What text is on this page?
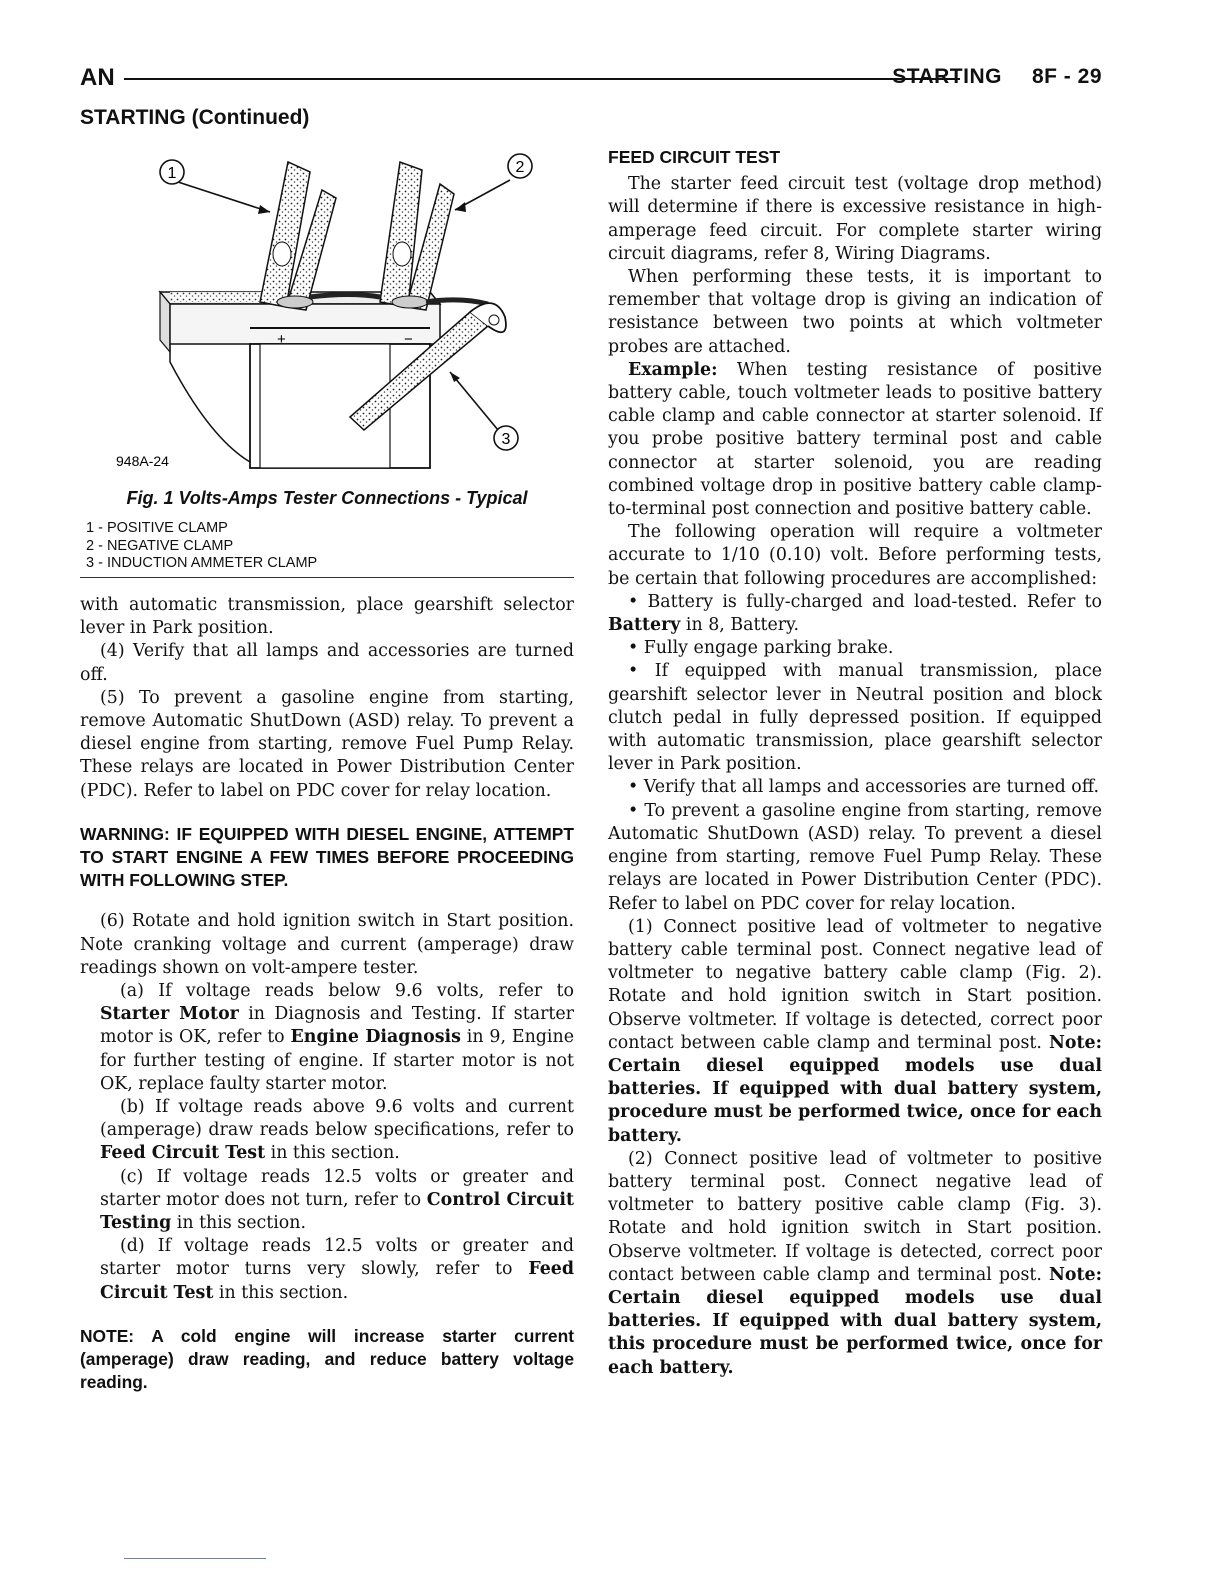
AN	STARTING 8F - 29
STARTING (Continued)
+	−
1	2
3
948A-24
Fig. 1 Volts-Amps Tester Connections - Typical
1 - POSITIVE CLAMP
2 - NEGATIVE CLAMP
3 - INDUCTION AMMETER CLAMP

with automatic transmission, place gearshift selector lever in Park position.

(4) Verify that all lamps and accessories are turned off.

(5) To prevent a gasoline engine from starting, remove Automatic ShutDown (ASD) relay. To prevent a diesel engine from starting, remove Fuel Pump Relay. These relays are located in Power Distribution Center (PDC). Refer to label on PDC cover for relay location.

WARNING: IF EQUIPPED WITH DIESEL ENGINE, ATTEMPT TO START ENGINE A FEW TIMES BEFORE PROCEEDING WITH FOLLOWING STEP.

(6) Rotate and hold ignition switch in Start position. Note cranking voltage and current (amperage) draw readings shown on volt-ampere tester.

(a) If voltage reads below 9.6 volts, refer to Starter Motor in Diagnosis and Testing. If starter motor is OK, refer to Engine Diagnosis in 9, Engine for further testing of engine. If starter motor is not OK, replace faulty starter motor.

(b) If voltage reads above 9.6 volts and current (amperage) draw reads below specifications, refer to Feed Circuit Test in this section.

(c) If voltage reads 12.5 volts or greater and starter motor does not turn, refer to Control Circuit Testing in this section.

(d) If voltage reads 12.5 volts or greater and starter motor turns very slowly, refer to Feed Circuit Test in this section.

NOTE: A cold engine will increase starter current (amperage) draw reading, and reduce battery voltage reading.

FEED CIRCUIT TEST

The starter feed circuit test (voltage drop method) will determine if there is excessive resistance in high-amperage feed circuit. For complete starter wiring circuit diagrams, refer 8, Wiring Diagrams.

When performing these tests, it is important to remember that voltage drop is giving an indication of resistance between two points at which voltmeter probes are attached.

Example: When testing resistance of positive battery cable, touch voltmeter leads to positive battery cable clamp and cable connector at starter solenoid. If you probe positive battery terminal post and cable connector at starter solenoid, you are reading combined voltage drop in positive battery cable clamp-to-terminal post connection and positive battery cable.

The following operation will require a voltmeter accurate to 1/10 (0.10) volt. Before performing tests, be certain that following procedures are accomplished:

• Battery is fully-charged and load-tested. Refer to Battery in 8, Battery.

• Fully engage parking brake.

• If equipped with manual transmission, place gearshift selector lever in Neutral position and block clutch pedal in fully depressed position. If equipped with automatic transmission, place gearshift selector lever in Park position.

• Verify that all lamps and accessories are turned off.

• To prevent a gasoline engine from starting, remove Automatic ShutDown (ASD) relay. To prevent a diesel engine from starting, remove Fuel Pump Relay. These relays are located in Power Distribution Center (PDC). Refer to label on PDC cover for relay location.

(1) Connect positive lead of voltmeter to negative battery cable terminal post. Connect negative lead of voltmeter to negative battery cable clamp (Fig. 2). Rotate and hold ignition switch in Start position. Observe voltmeter. If voltage is detected, correct poor contact between cable clamp and terminal post. Note: Certain diesel equipped models use dual batteries. If equipped with dual battery system, procedure must be performed twice, once for each battery.

(2) Connect positive lead of voltmeter to positive battery terminal post. Connect negative lead of voltmeter to battery positive cable clamp (Fig. 3). Rotate and hold ignition switch in Start position. Observe voltmeter. If voltage is detected, correct poor contact between cable clamp and terminal post. Note: Certain diesel equipped models use dual batteries. If equipped with dual battery system, this procedure must be performed twice, once for each battery.
